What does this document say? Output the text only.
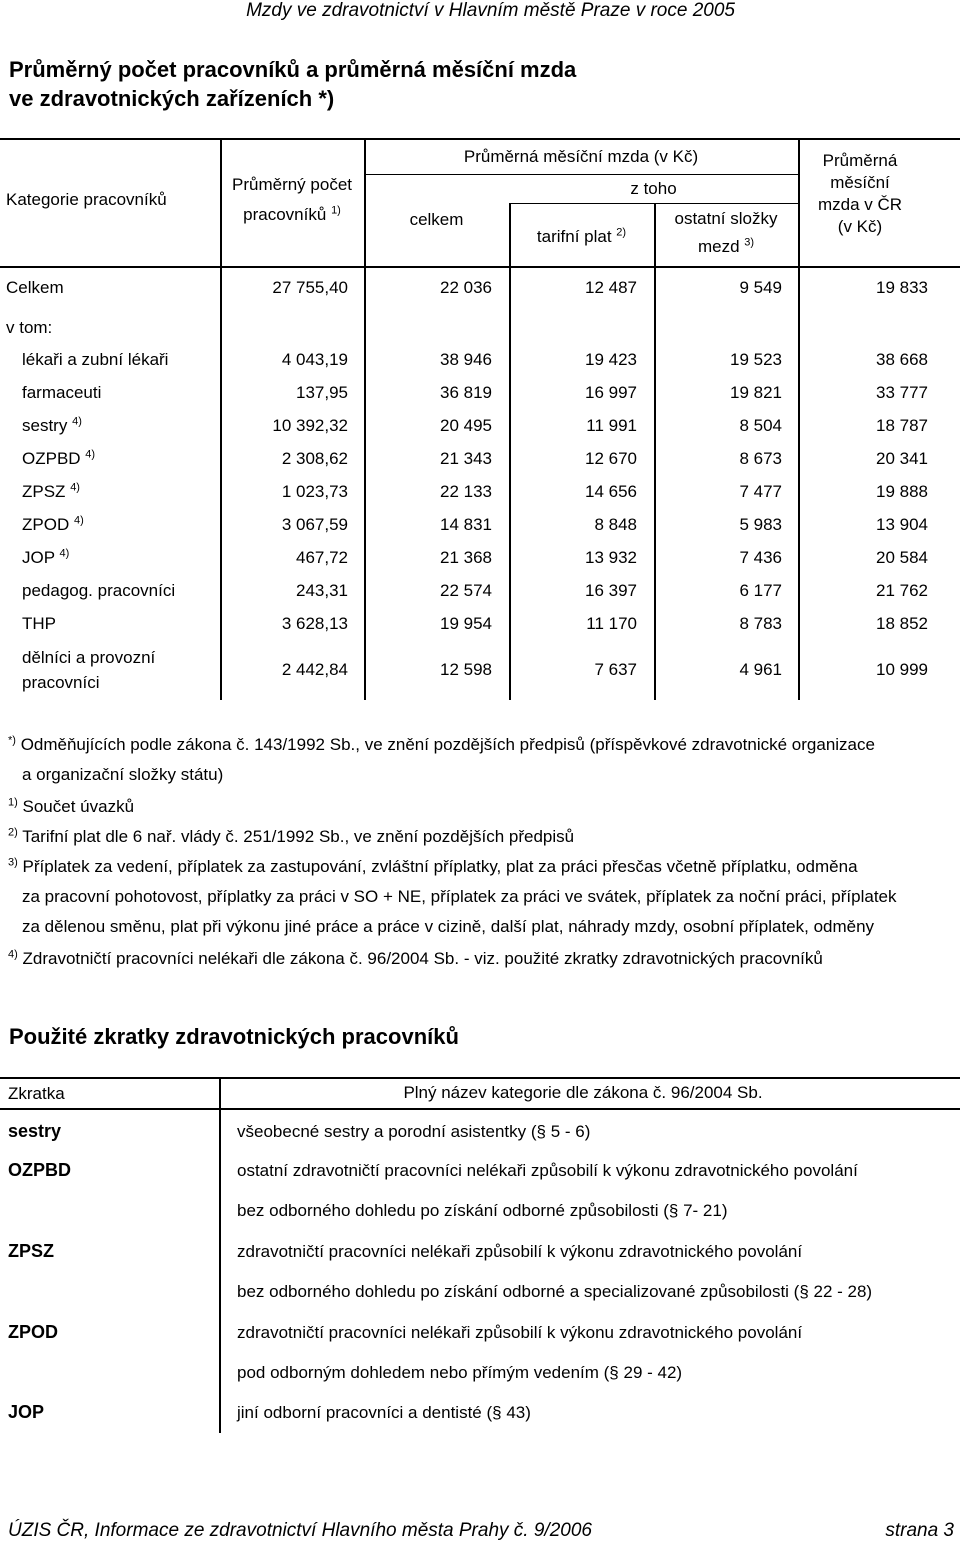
Mzdy ve zdravotnictví v Hlavním městě Praze v roce 2005
Průměrný počet pracovníků a průměrná měsíční mzda
ve zdravotnických zařízeních *)
Kategorie pracovníků
Průměrný počet
pracovníků $^{1)}$
Průměrná měsíční mzda (v Kč)
celkem
z toho
tarifní plat $^{2)}$
ostatní složky
mezd $^{3)}$
Průměrná
měsíční
mzda v ČR
(v Kč)
Celkem	27 755,40	22 036	12 487	9 549	19 833
v tom:
lékaři a zubní lékaři	4 043,19	38 946	19 423	19 523	38 668
farmaceuti	137,95	36 819	16 997	19 821	33 777
sestry $^{4)}$	10 392,32	20 495	11 991	8 504	18 787
OZPBD $^{4)}$	2 308,62	21 343	12 670	8 673	20 341
ZPSZ $^{4)}$	1 023,73	22 133	14 656	7 477	19 888
ZPOD $^{4)}$	3 067,59	14 831	8 848	5 983	13 904
JOP $^{4)}$	467,72	21 368	13 932	7 436	20 584
pedagog. pracovníci	243,31	22 574	16 397	6 177	21 762
THP	3 628,13	19 954	11 170	8 783	18 852
dělníci a provozní
pracovníci
2 442,84	12 598	7 637	4 961	10 999
*) Odměňujících podle zákona č. 143/1992 Sb., ve znění pozdějších předpisů (příspěvkové zdravotnické organizace
a organizační složky státu)
$^{1)}$ Součet úvazků
$^{2)}$ Tarifní plat dle 6 nař. vlády č. 251/1992 Sb., ve znění pozdějších předpisů
$^{3)}$ Příplatek za vedení, příplatek za zastupování, zvláštní příplatky, plat za práci přesčas včetně příplatku, odměna
za pracovní pohotovost, příplatky za práci v SO + NE, příplatek za práci ve svátek, příplatek za noční práci, příplatek
za dělenou směnu, plat při výkonu jiné práce a práce v cizině, další plat, náhrady mzdy, osobní příplatek, odměny
$^{4)}$ Zdravotničtí pracovníci nelékaři dle zákona č. 96/2004 Sb. - viz. použité zkratky zdravotnických pracovníků
Použité zkratky zdravotnických pracovníků
Zkratka	Plný název kategorie dle zákona č. 96/2004 Sb.
sestry	všeobecné sestry a porodní asistentky (§ 5 - 6)
OZPBD	ostatní zdravotničtí pracovníci nelékaři způsobilí k výkonu zdravotnického povolání
bez odborného dohledu po získání odborné způsobilosti (§ 7- 21)
ZPSZ	zdravotničtí pracovníci nelékaři způsobilí k výkonu zdravotnického povolání
bez odborného dohledu po získání odborné a specializované způsobilosti (§ 22 - 28)
ZPOD	zdravotničtí pracovníci nelékaři způsobilí k výkonu zdravotnického povolání
pod odborným dohledem nebo přímým vedením (§ 29 - 42)
JOP	jiní odborní pracovníci a dentisté (§ 43)
ÚZIS ČR, Informace ze zdravotnictví Hlavního města Prahy č. 9/2006	strana 3
